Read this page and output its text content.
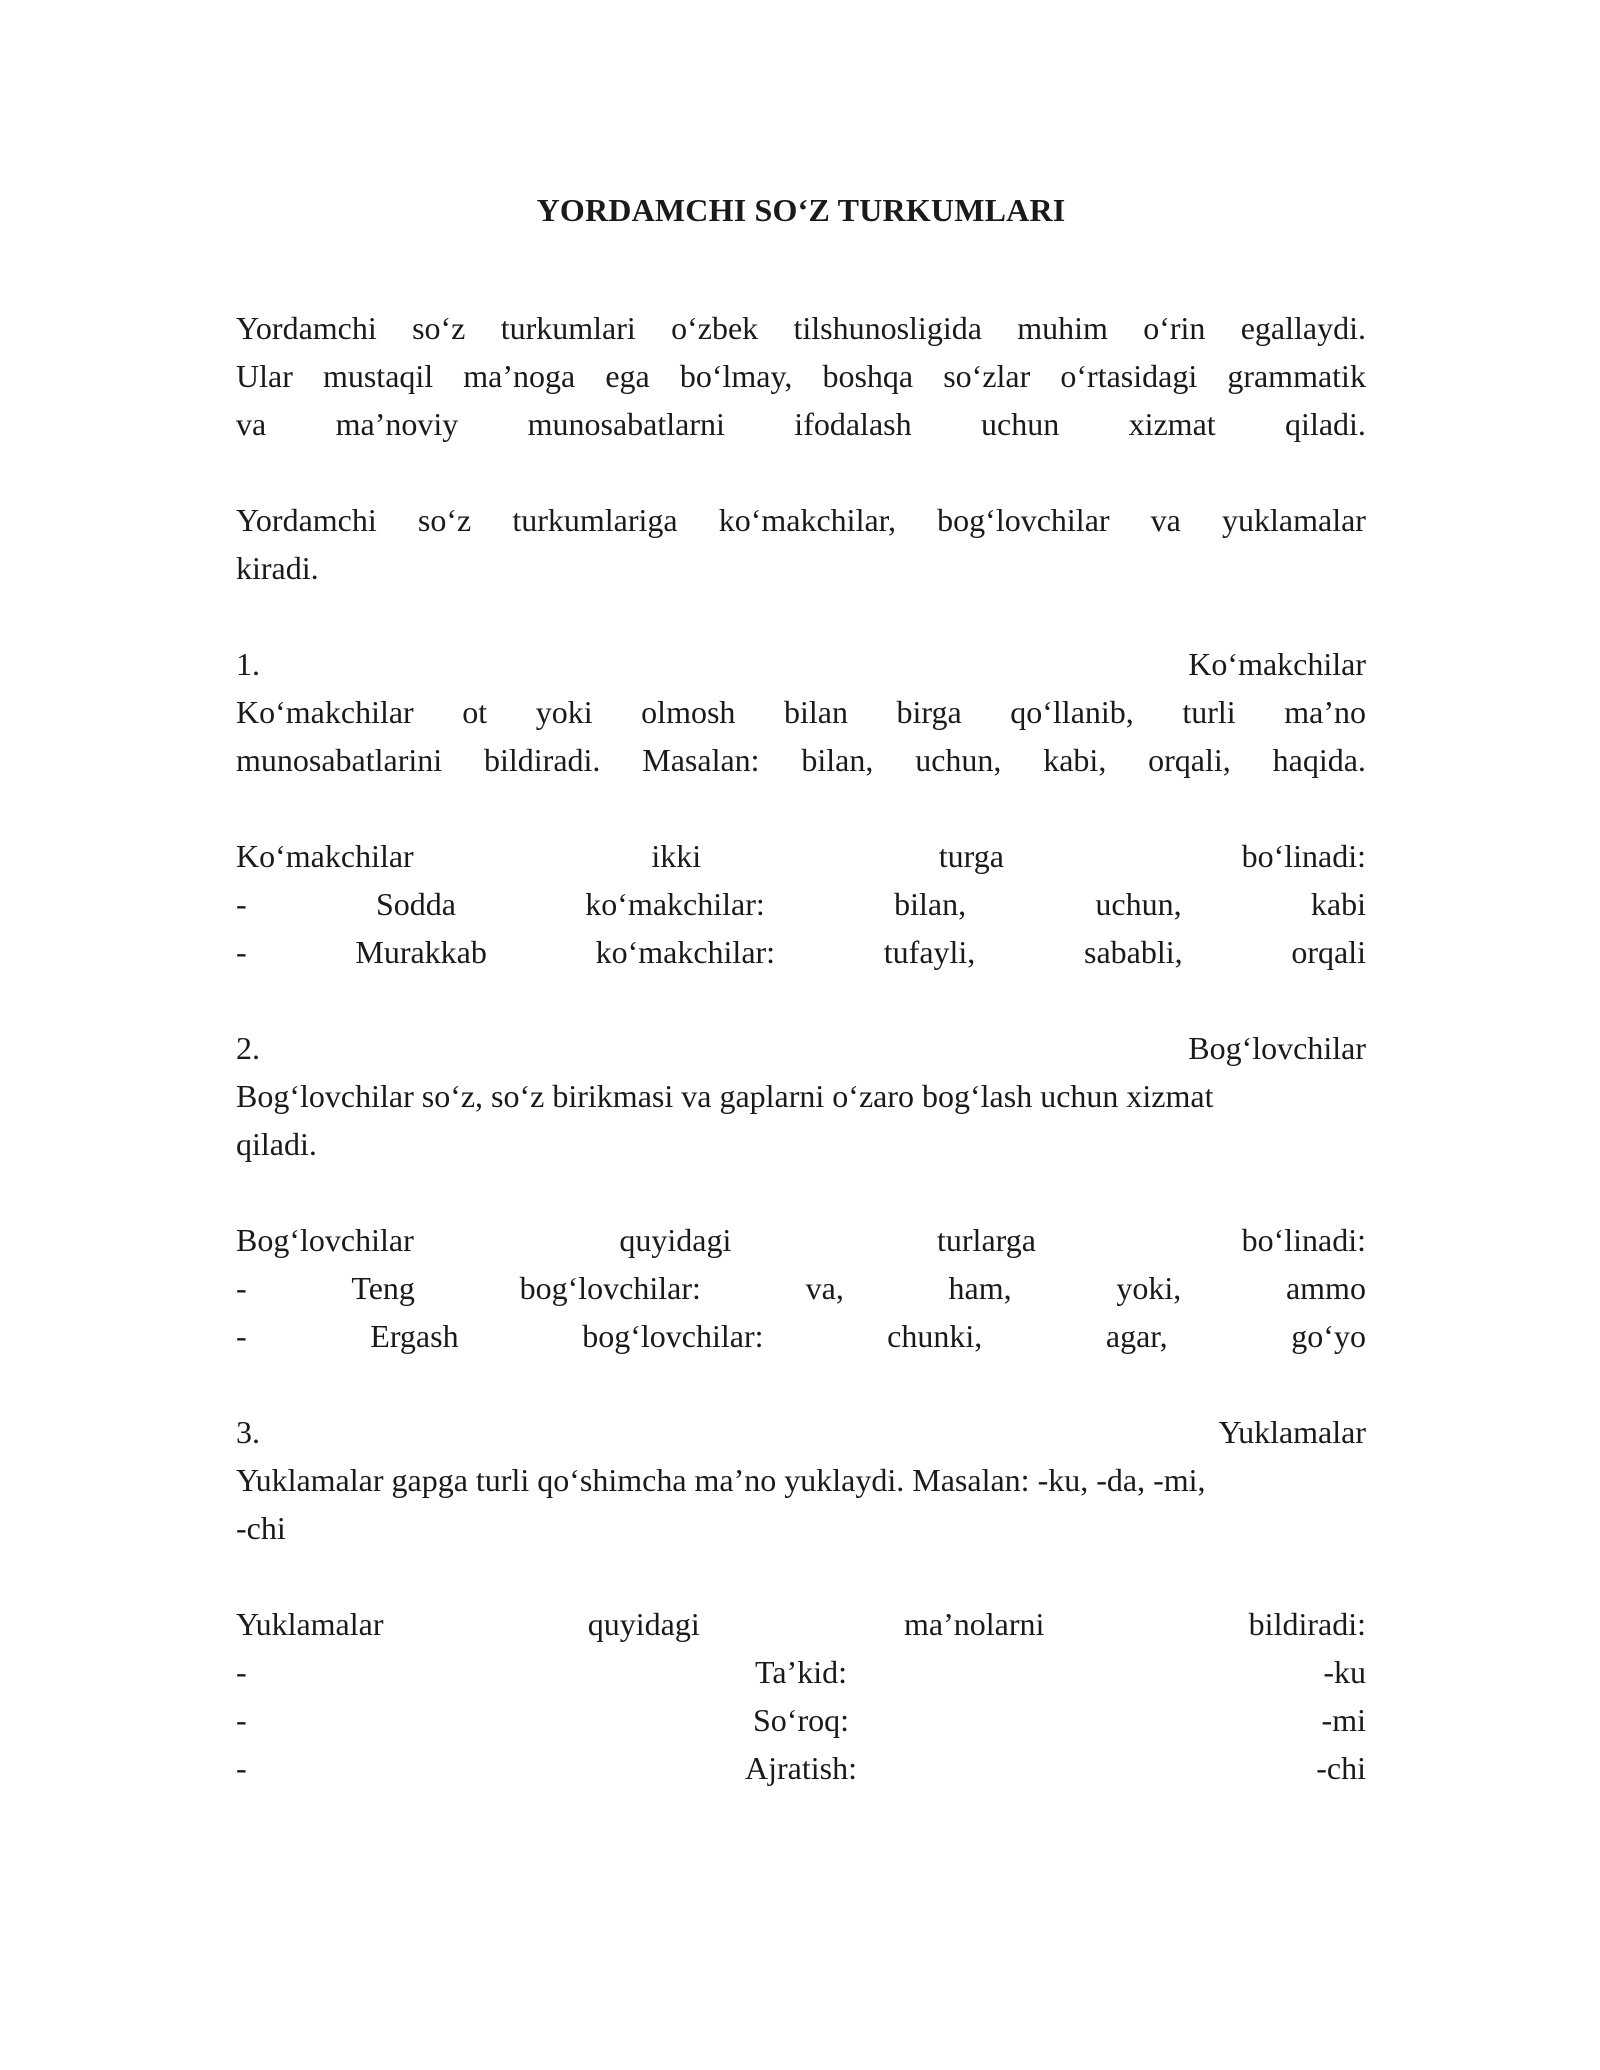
YORDAMCHI SO‘Z TURKUMLARI
Yordamchi so‘z turkumlari o‘zbek tilshunosligida muhim o‘rin egallaydi.
Ular mustaqil ma’noga ega bo‘lmay, boshqa so‘zlar o‘rtasidagi grammatik
va ma’noviy munosabatlarni ifodalash uchun xizmat qiladi.
Yordamchi so‘z turkumlariga ko‘makchilar, bog‘lovchilar va yuklamalar
kiradi.
1.	Ko‘makchilar
Ko‘makchilar ot yoki olmosh bilan birga qo‘llanib, turli ma’no
munosabatlarini bildiradi. Masalan: bilan, uchun, kabi, orqali, haqida.
Ko‘makchilar	ikki	turga	bo‘linadi:
-	Sodda	ko‘makchilar:	bilan,	uchun,	kabi
-	Murakkab	ko‘makchilar:	tufayli,	sababli,	orqali
2.	Bog‘lovchilar
Bog‘lovchilar so‘z, so‘z birikmasi va gaplarni o‘zaro bog‘lash uchun xizmat
qiladi.
Bog‘lovchilar	quyidagi	turlarga	bo‘linadi:
-	Teng	bog‘lovchilar:	va,	ham,	yoki,	ammo
-	Ergash	bog‘lovchilar:	chunki,	agar,	go‘yo
3.	Yuklamalar
Yuklamalar gapga turli qo‘shimcha ma’no yuklaydi. Masalan: -ku, -da, -mi,
-chi
Yuklamalar	quyidagi	ma’nolarni	bildiradi:
-	Ta’kid:	-ku
-	So‘roq:	-mi
-	Ajratish:	-chi
